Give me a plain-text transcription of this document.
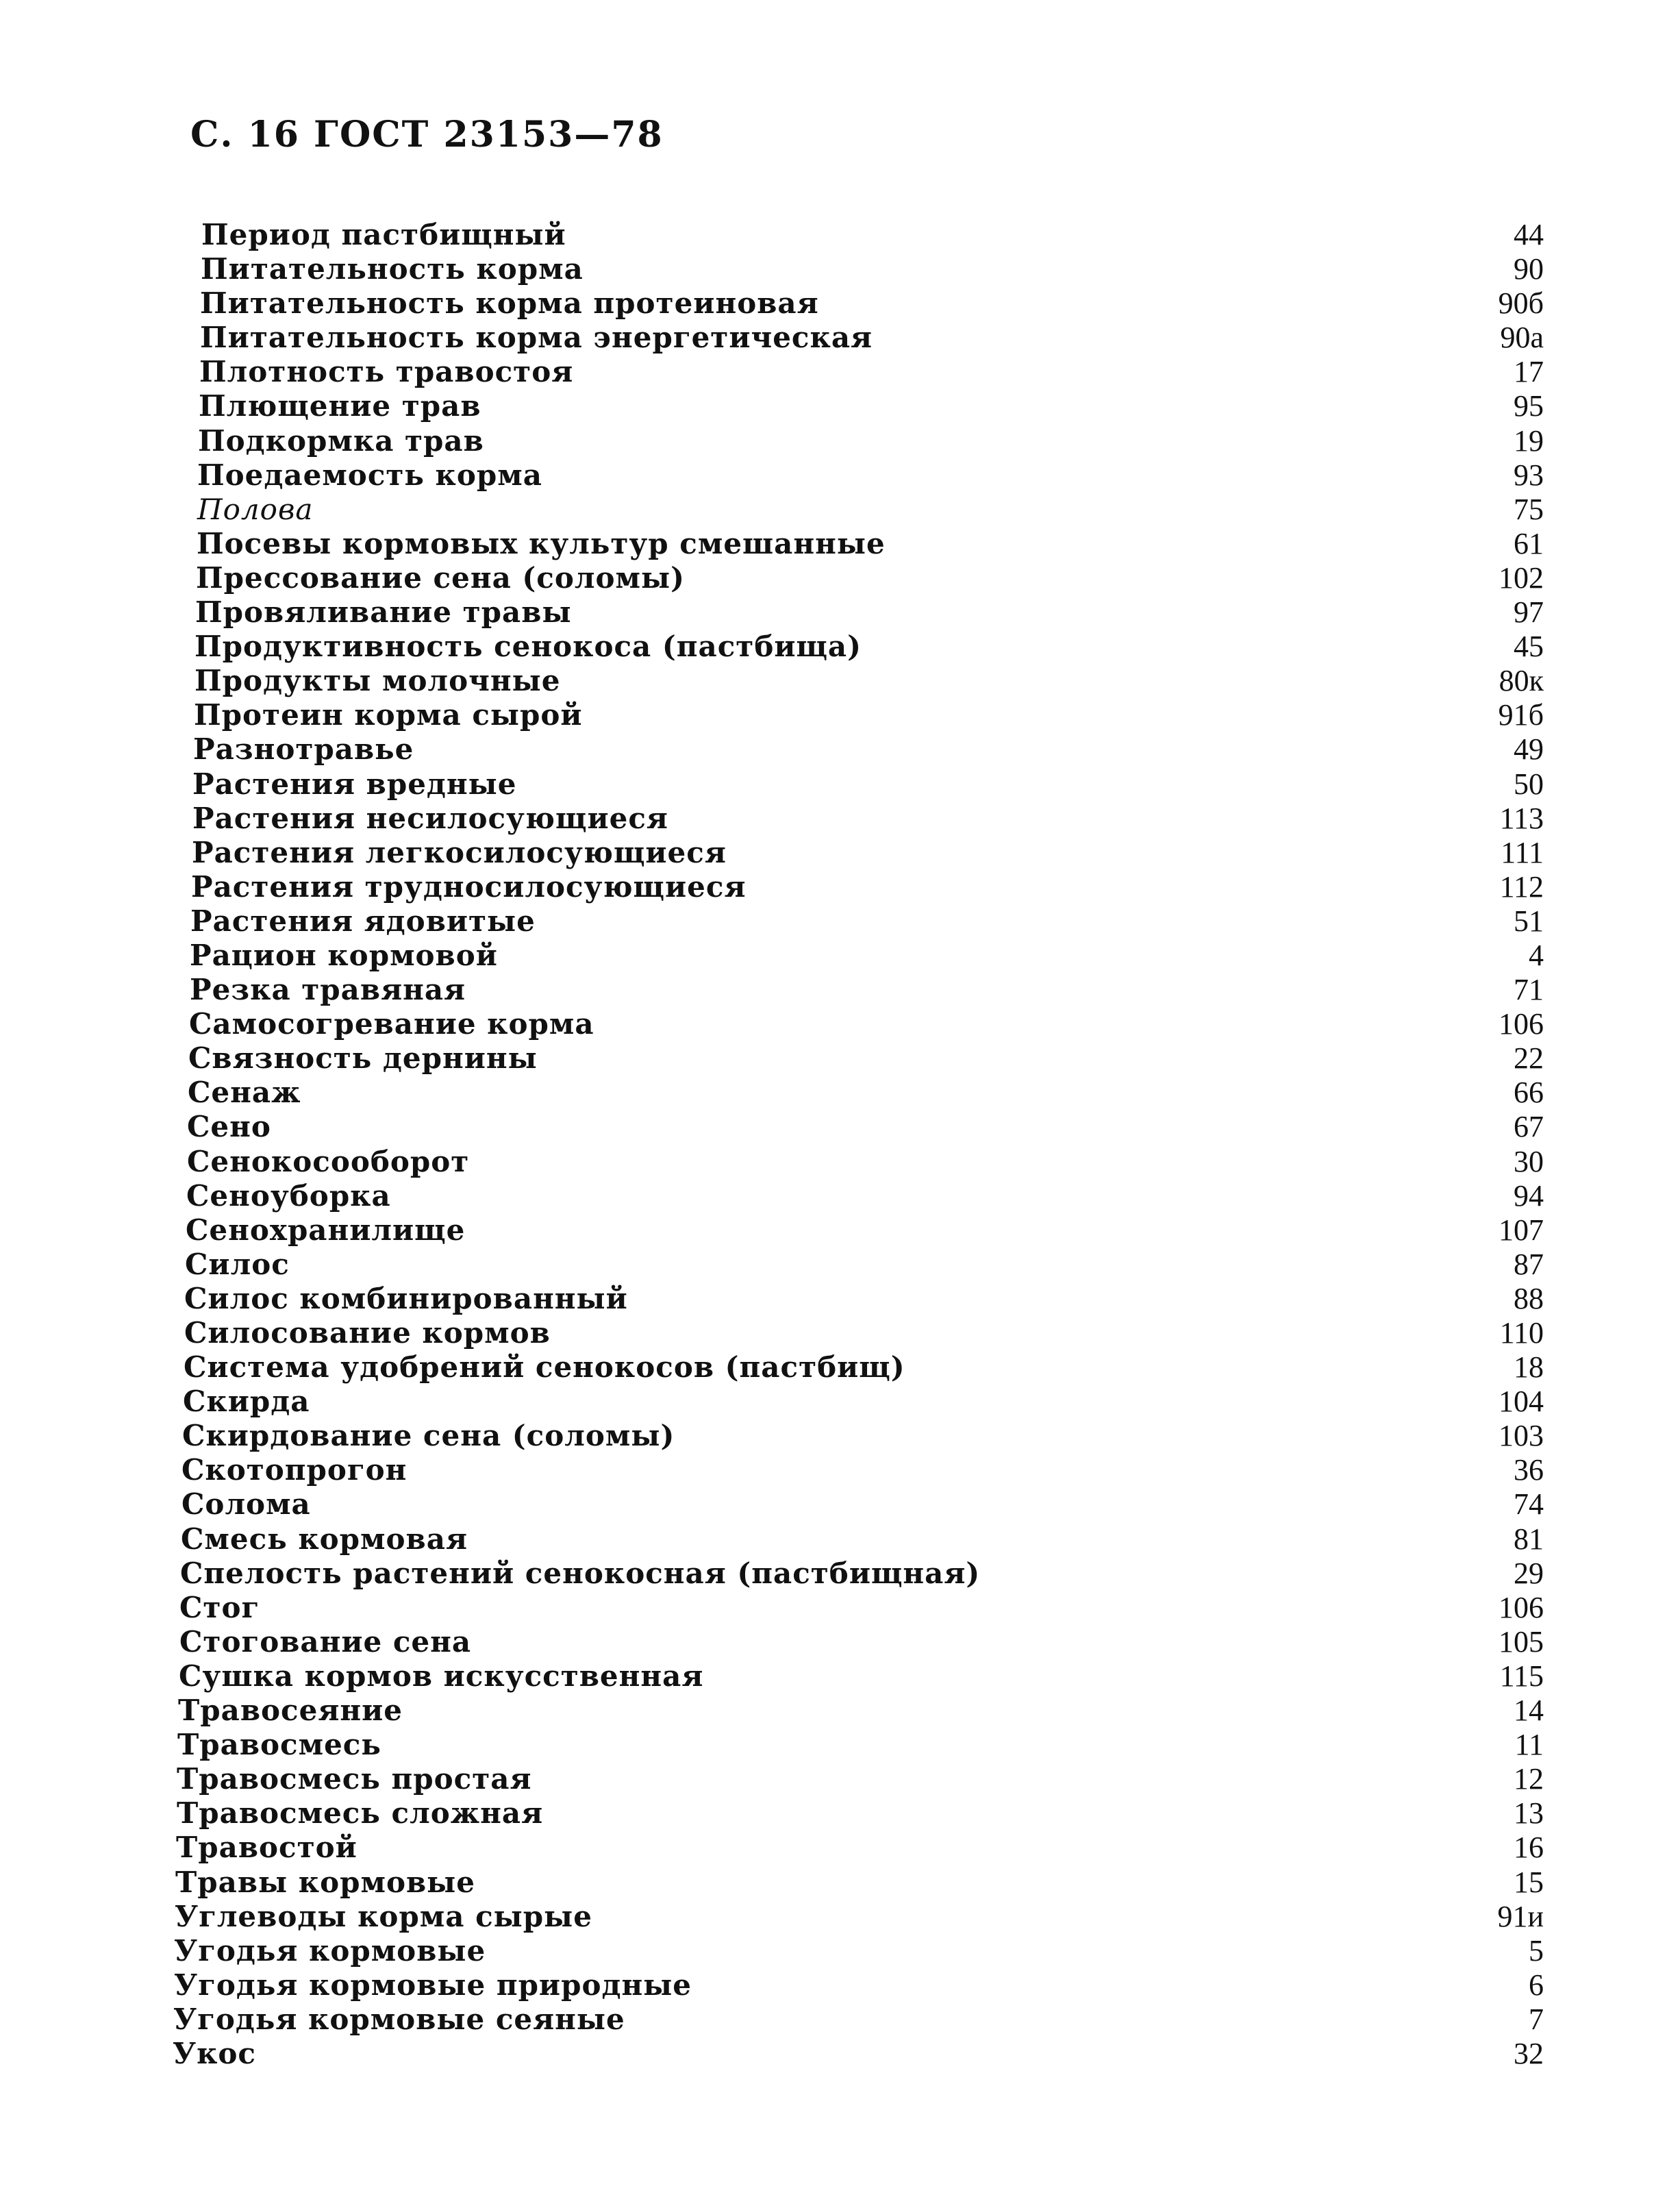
С. 16 ГОСТ 23153—78
Период пастбищный	44
Питательность корма	90
Питательность корма протеиновая	90б
Питательность корма энергетическая	90а
Плотность травостоя	17
Плющение трав	95
Подкормка трав	19
Поедаемость корма	93
Полова	75
Посевы кормовых культур смешанные	61
Прессование сена (соломы)	102
Провяливание травы	97
Продуктивность сенокоса (пастбища)	45
Продукты молочные	80к
Протеин корма сырой	91б
Разнотравье	49
Растения вредные	50
Растения несилосующиеся	113
Растения легкосилосующиеся	111
Растения трудносилосующиеся	112
Растения ядовитые	51
Рацион кормовой	4
Резка травяная	71
Самосогревание корма	106
Связность дернины	22
Сенаж	66
Сено	67
Сенокосооборот	30
Сеноуборка	94
Сенохранилище	107
Силос	87
Силос комбинированный	88
Силосование кормов	110
Система удобрений сенокосов (пастбищ)	18
Скирда	104
Скирдование сена (соломы)	103
Скотопрогон	36
Солома	74
Смесь кормовая	81
Спелость растений сенокосная (пастбищная)	29
Стог	106
Стогование сена	105
Сушка кормов искусственная	115
Травосеяние	14
Травосмесь	11
Травосмесь простая	12
Травосмесь сложная	13
Травостой	16
Травы кормовые	15
Углеводы корма сырые	91и
Угодья кормовые	5
Угодья кормовые природные	6
Угодья кормовые сеяные	7
Укос	32
